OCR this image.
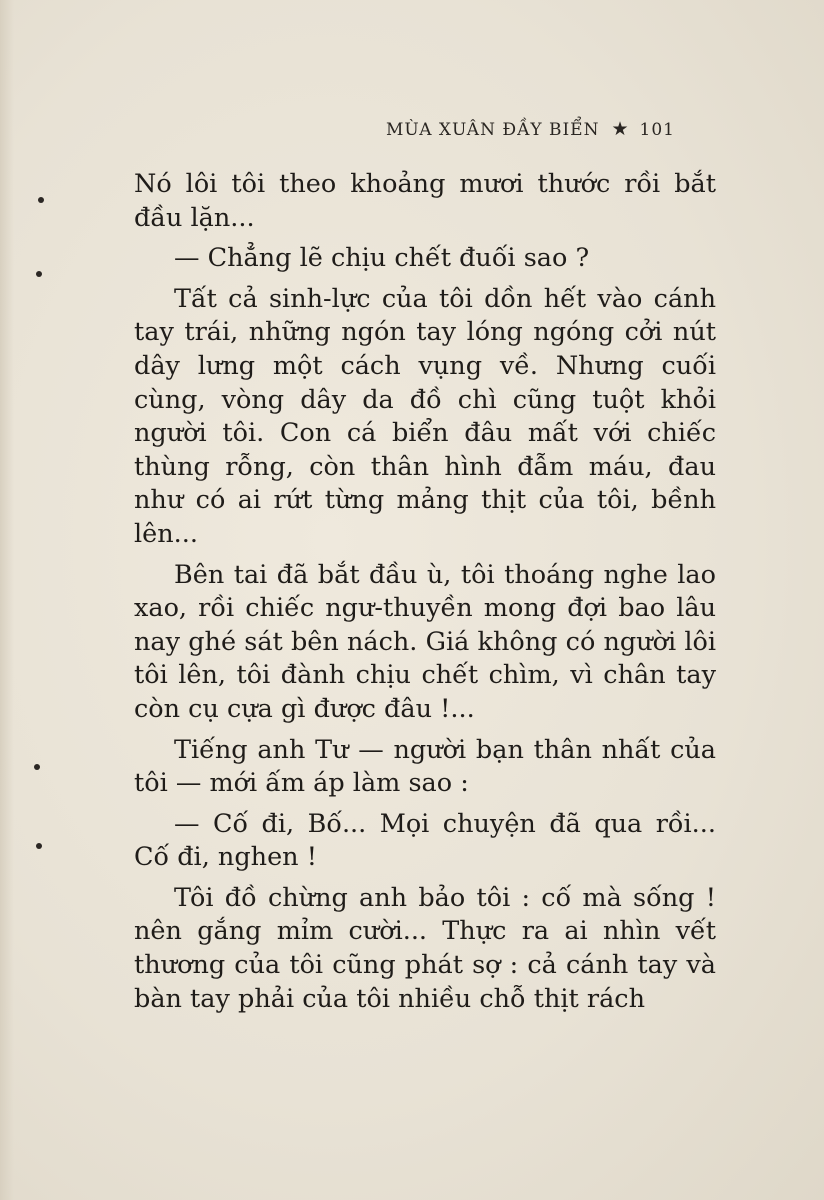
MÙA XUÂN ĐẦY BIỂN ★ 101

Nó lôi tôi theo khoảng mươi thước rồi bắt đầu lặn...

— Chẳng lẽ chịu chết đuối sao ?

Tất cả sinh-lực của tôi dồn hết vào cánh tay trái, những ngón tay lóng ngóng cởi nút dây lưng một cách vụng về. Nhưng cuối cùng, vòng dây da đồ chì cũng tuột khỏi người tôi. Con cá biển đâu mất với chiếc thùng rỗng, còn thân hình đẫm máu, đau như có ai rứt từng mảng thịt của tôi, bềnh lên...

Bên tai đã bắt đầu ù, tôi thoáng nghe lao xao, rồi chiếc ngư-thuyền mong đợi bao lâu nay ghé sát bên nách. Giá không có người lôi tôi lên, tôi đành chịu chết chìm, vì chân tay còn cụ cựa gì được đâu !...

Tiếng anh Tư — người bạn thân nhất của tôi — mới ấm áp làm sao :

— Cố đi, Bố... Mọi chuyện đã qua rồi... Cố đi, nghen !

Tôi đồ chừng anh bảo tôi : cố mà sống ! nên gắng mỉm cười... Thực ra ai nhìn vết thương của tôi cũng phát sợ : cả cánh tay và bàn tay phải của tôi nhiều chỗ thịt rách
